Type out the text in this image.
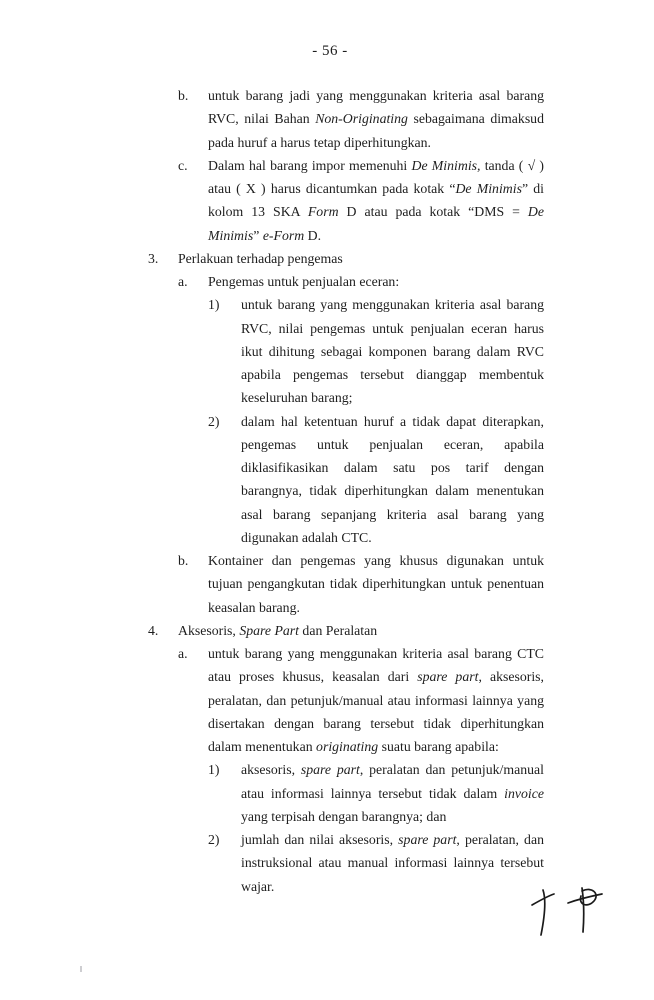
- 56 -
b.	untuk barang jadi yang menggunakan kriteria asal barang RVC, nilai Bahan Non-Originating sebagaimana dimaksud pada huruf a harus tetap diperhitungkan.
c.	Dalam hal barang impor memenuhi De Minimis, tanda ( √ ) atau ( X ) harus dicantumkan pada kotak “De Minimis” di kolom 13 SKA Form D atau pada kotak “DMS = De Minimis” e-Form D.
3.	Perlakuan terhadap pengemas
a.	Pengemas untuk penjualan eceran:
1)	untuk barang yang menggunakan kriteria asal barang RVC, nilai pengemas untuk penjualan eceran harus ikut dihitung sebagai komponen barang dalam RVC apabila pengemas tersebut dianggap membentuk keseluruhan barang;
2)	dalam hal ketentuan huruf a tidak dapat diterapkan, pengemas untuk penjualan eceran, apabila diklasifikasikan dalam satu pos tarif dengan barangnya, tidak diperhitungkan dalam menentukan asal barang sepanjang kriteria asal barang yang digunakan adalah CTC.
b.	Kontainer dan pengemas yang khusus digunakan untuk tujuan pengangkutan tidak diperhitungkan untuk penentuan keasalan barang.
4.	Aksesoris, Spare Part dan Peralatan
a.	untuk barang yang menggunakan kriteria asal barang CTC atau proses khusus, keasalan dari spare part, aksesoris, peralatan, dan petunjuk/manual atau informasi lainnya yang disertakan dengan barang tersebut tidak diperhitungkan dalam menentukan originating suatu barang apabila:
1)	aksesoris, spare part, peralatan dan petunjuk/manual atau informasi lainnya tersebut tidak dalam invoice yang terpisah dengan barangnya; dan
2)	jumlah dan nilai aksesoris, spare part, peralatan, dan instruksional atau manual informasi lainnya tersebut wajar.
